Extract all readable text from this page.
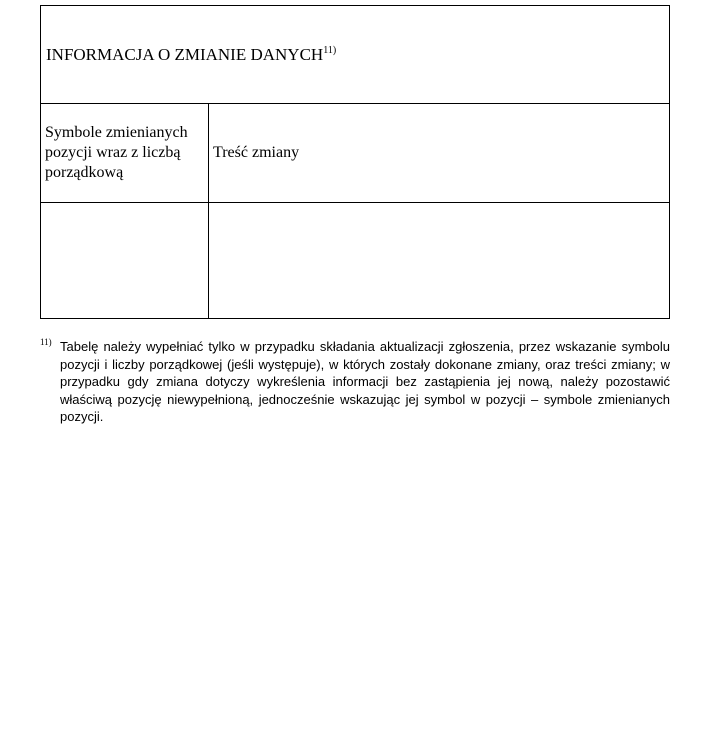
INFORMACJA O ZMIANIE DANYCH$^{11)}$
Symbole zmienianych pozycji wraz z liczbą porządkową	Treść zmiany

11) Tabelę należy wypełniać tylko w przypadku składania aktualizacji zgłoszenia, przez wskazanie symbolu pozycji i liczby porządkowej (jeśli występuje), w których zostały dokonane zmiany, oraz treści zmiany; w przypadku gdy zmiana dotyczy wykreślenia informacji bez zastąpienia jej nową, należy pozostawić właściwą pozycję niewypełnioną, jednocześnie wskazując jej symbol w pozycji – symbole zmienianych pozycji.
